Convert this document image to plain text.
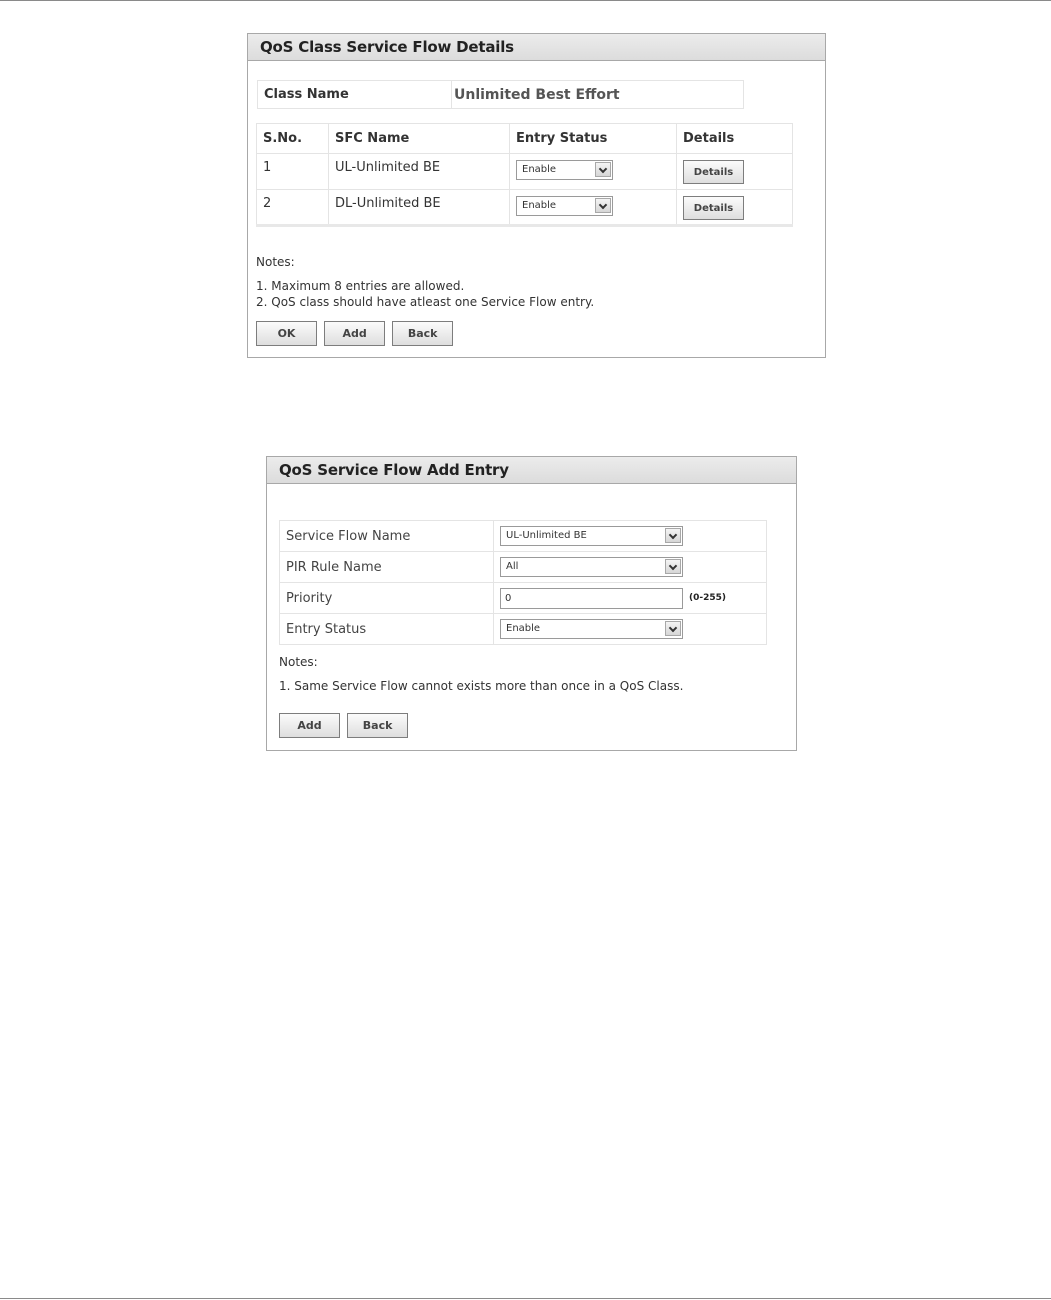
QoS Class Service Flow Details
Class Name	Unlimited Best Effort
S.No.	SFC Name	Entry Status	Details
1	UL-Unlimited BE	Enable	Details
2	DL-Unlimited BE	Enable	Details
Notes:
1. Maximum 8 entries are allowed.
2. QoS class should have atleast one Service Flow entry.
OK	Add	Back
QoS Service Flow Add Entry
Service Flow Name	UL-Unlimited BE

PIR Rule Name	All

Priority	0 (0-255)
Entry Status	Enable
Notes:
1. Same Service Flow cannot exists more than once in a QoS Class.
Add	Back
